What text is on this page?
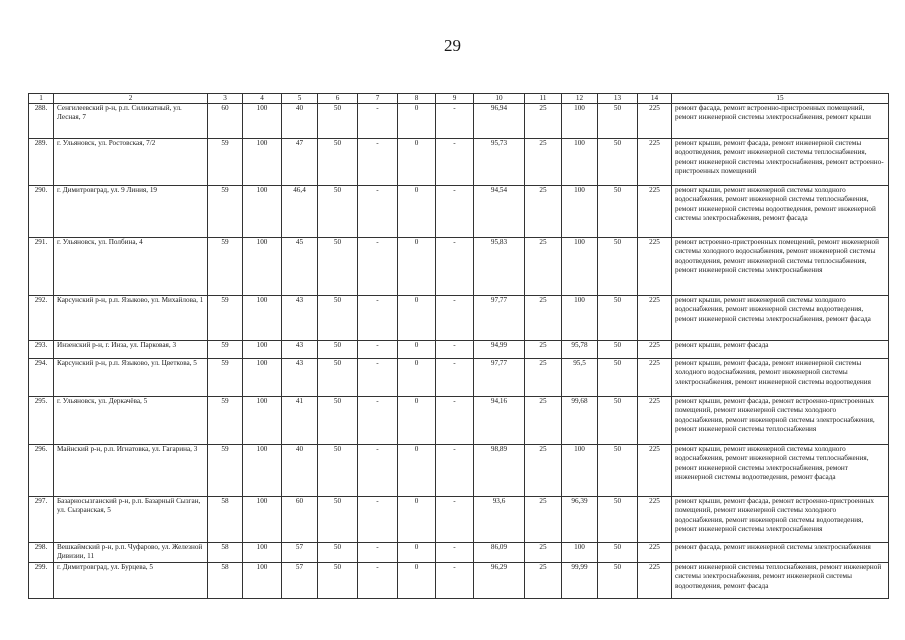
29
1	2	3	4	5	6	7	8	9	10	11	12	13	14	15
288.	Сенгилеевский р-н, р.п. Силикатный, ул. Лесная, 7	60	100	40	50	-	0	-	96,94	25	100	50	225	ремонт фасада, ремонт встроенно-пристроенных помещений, ремонт инженерной системы электроснабжения, ремонт крыши
289.	г. Ульяновск, ул. Ростовская, 7/2	59	100	47	50	-	0	-	95,73	25	100	50	225	ремонт крыши, ремонт фасада, ремонт инженерной системы водоотведения, ремонт инженерной системы теплоснабжения, ремонт инженерной системы электроснабжения, ремонт встроенно-пристроенных помещений
290.	г. Димитровград, ул. 9 Линия, 19	59	100	46,4	50	-	0	-	94,54	25	100	50	225	ремонт крыши, ремонт инженерной системы холодного водоснабжения, ремонт инженерной системы теплоснабжения, ремонт инженерной системы водоотведения, ремонт инженерной системы электроснабжения, ремонт фасада
291.	г. Ульяновск, ул. Полбина, 4	59	100	45	50	-	0	-	95,83	25	100	50	225	ремонт встроенно-пристроенных помещений, ремонт инженерной системы холодного водоснабжения, ремонт инженерной системы водоотведения, ремонт инженерной системы теплоснабжения, ремонт инженерной системы электроснабжения
292.	Карсунский р-н, р.п. Языково, ул. Михайлова, 1	59	100	43	50	-	0	-	97,77	25	100	50	225	ремонт крыши, ремонт инженерной системы холодного водоснабжения, ремонт инженерной системы водоотведения, ремонт инженерной системы электроснабжения, ремонт фасада
293.	Инзенский р-н, г. Инза, ул. Парковая, 3	59	100	43	50	-	0	-	94,99	25	95,78	50	225	ремонт крыши, ремонт фасада
294.	Карсунский р-н, р.п. Языково, ул. Цветкова, 5	59	100	43	50	-	0	-	97,77	25	95,5	50	225	ремонт крыши, ремонт фасада, ремонт инженерной системы холодного водоснабжения, ремонт инженерной системы электроснабжения, ремонт инженерной системы водоотведения
295.	г. Ульяновск, ул. Деркачёва, 5	59	100	41	50	-	0	-	94,16	25	99,68	50	225	ремонт крыши, ремонт фасада, ремонт встроенно-пристроенных помещений, ремонт инженерной системы холодного водоснабжения, ремонт инженерной системы электроснабжения, ремонт инженерной системы теплоснабжения
296.	Майнский р-н, р.п. Игнатовка, ул. Гагарина, 3	59	100	40	50	-	0	-	98,89	25	100	50	225	ремонт крыши, ремонт инженерной системы холодного водоснабжения, ремонт инженерной системы теплоснабжения, ремонт инженерной системы электроснабжения, ремонт инженерной системы водоотведения, ремонт фасада
297.	Базарносызганский р-н, р.п. Базарный Сызган, ул. Сызранская, 5	58	100	60	50	-	0	-	93,6	25	96,39	50	225	ремонт крыши, ремонт фасада, ремонт встроенно-пристроенных помещений, ремонт инженерной системы холодного водоснабжения, ремонт инженерной системы водоотведения, ремонт инженерной системы электроснабжения
298.	Вешкаймский р-н, р.п. Чуфарово, ул. Железной Дивизии, 11	58	100	57	50	-	0	-	86,09	25	100	50	225	ремонт фасада, ремонт инженерной системы электроснабжения
299.	г. Димитровград, ул. Бурцева, 5	58	100	57	50	-	0	-	96,29	25	99,99	50	225	ремонт инженерной системы теплоснабжения, ремонт инженерной системы электроснабжения, ремонт инженерной системы водоотведения, ремонт фасада
